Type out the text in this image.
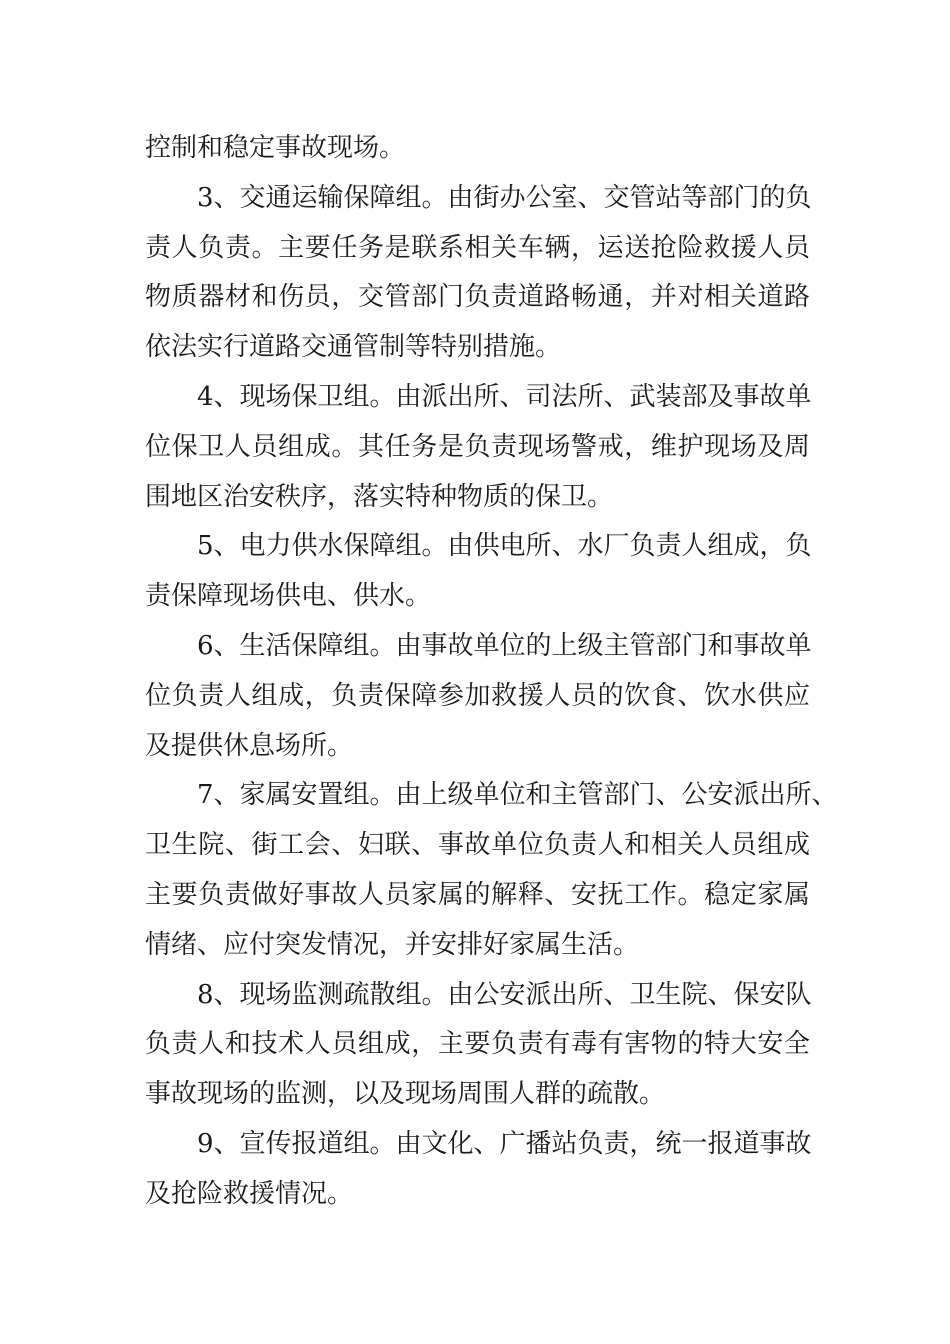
控制和稳定事故现场。
3、交通运输保障组。由街办公室、交管站等部门的负
责人负责。主要任务是联系相关车辆，运送抢险救援人员
物质器材和伤员，交管部门负责道路畅通，并对相关道路
依法实行道路交通管制等特别措施。
4、现场保卫组。由派出所、司法所、武装部及事故单
位保卫人员组成。其任务是负责现场警戒，维护现场及周
围地区治安秩序，落实特种物质的保卫。
5、电力供水保障组。由供电所、水厂负责人组成，负
责保障现场供电、供水。
6、生活保障组。由事故单位的上级主管部门和事故单
位负责人组成，负责保障参加救援人员的饮食、饮水供应
及提供休息场所。
7、家属安置组。由上级单位和主管部门、公安派出所、
卫生院、街工会、妇联、事故单位负责人和相关人员组成
主要负责做好事故人员家属的解释、安抚工作。稳定家属
情绪、应付突发情况，并安排好家属生活。
8、现场监测疏散组。由公安派出所、卫生院、保安队
负责人和技术人员组成，主要负责有毒有害物的特大安全
事故现场的监测，以及现场周围人群的疏散。
9、宣传报道组。由文化、广播站负责，统一报道事故
及抢险救援情况。
